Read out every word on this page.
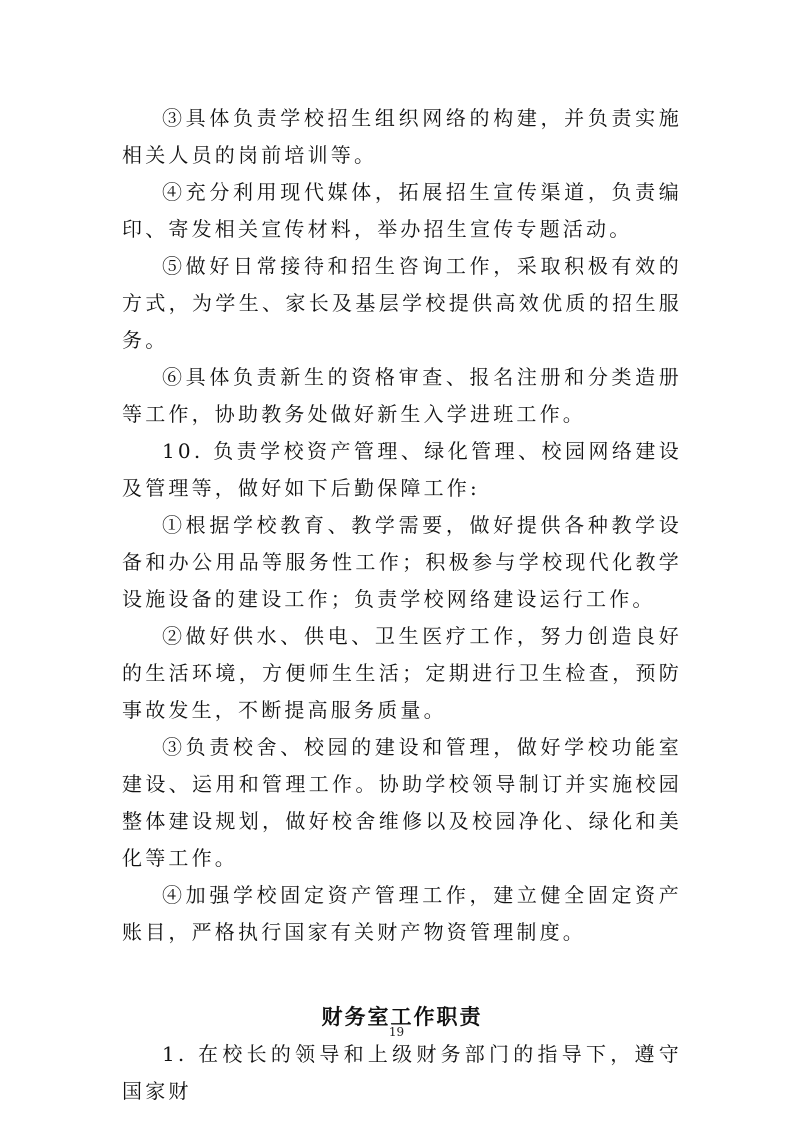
③具体负责学校招生组织网络的构建，并负责实施相关人员的岗前培训等。

④充分利用现代媒体，拓展招生宣传渠道，负责编印、寄发相关宣传材料，举办招生宣传专题活动。

⑤做好日常接待和招生咨询工作，采取积极有效的方式，为学生、家长及基层学校提供高效优质的招生服务。

⑥具体负责新生的资格审查、报名注册和分类造册等工作，协助教务处做好新生入学进班工作。

10. 负责学校资产管理、绿化管理、校园网络建设及管理等，做好如下后勤保障工作:

①根据学校教育、教学需要，做好提供各种教学设备和办公用品等服务性工作；积极参与学校现代化教学设施设备的建设工作；负责学校网络建设运行工作。

②做好供水、供电、卫生医疗工作，努力创造良好的生活环境，方便师生生活；定期进行卫生检查，预防事故发生，不断提高服务质量。

③负责校舍、校园的建设和管理，做好学校功能室建设、运用和管理工作。协助学校领导制订并实施校园整体建设规划，做好校舍维修以及校园净化、绿化和美化等工作。

④加强学校固定资产管理工作，建立健全固定资产账目，严格执行国家有关财产物资管理制度。

财务室工作职责

1. 在校长的领导和上级财务部门的指导下，遵守国家财

19
